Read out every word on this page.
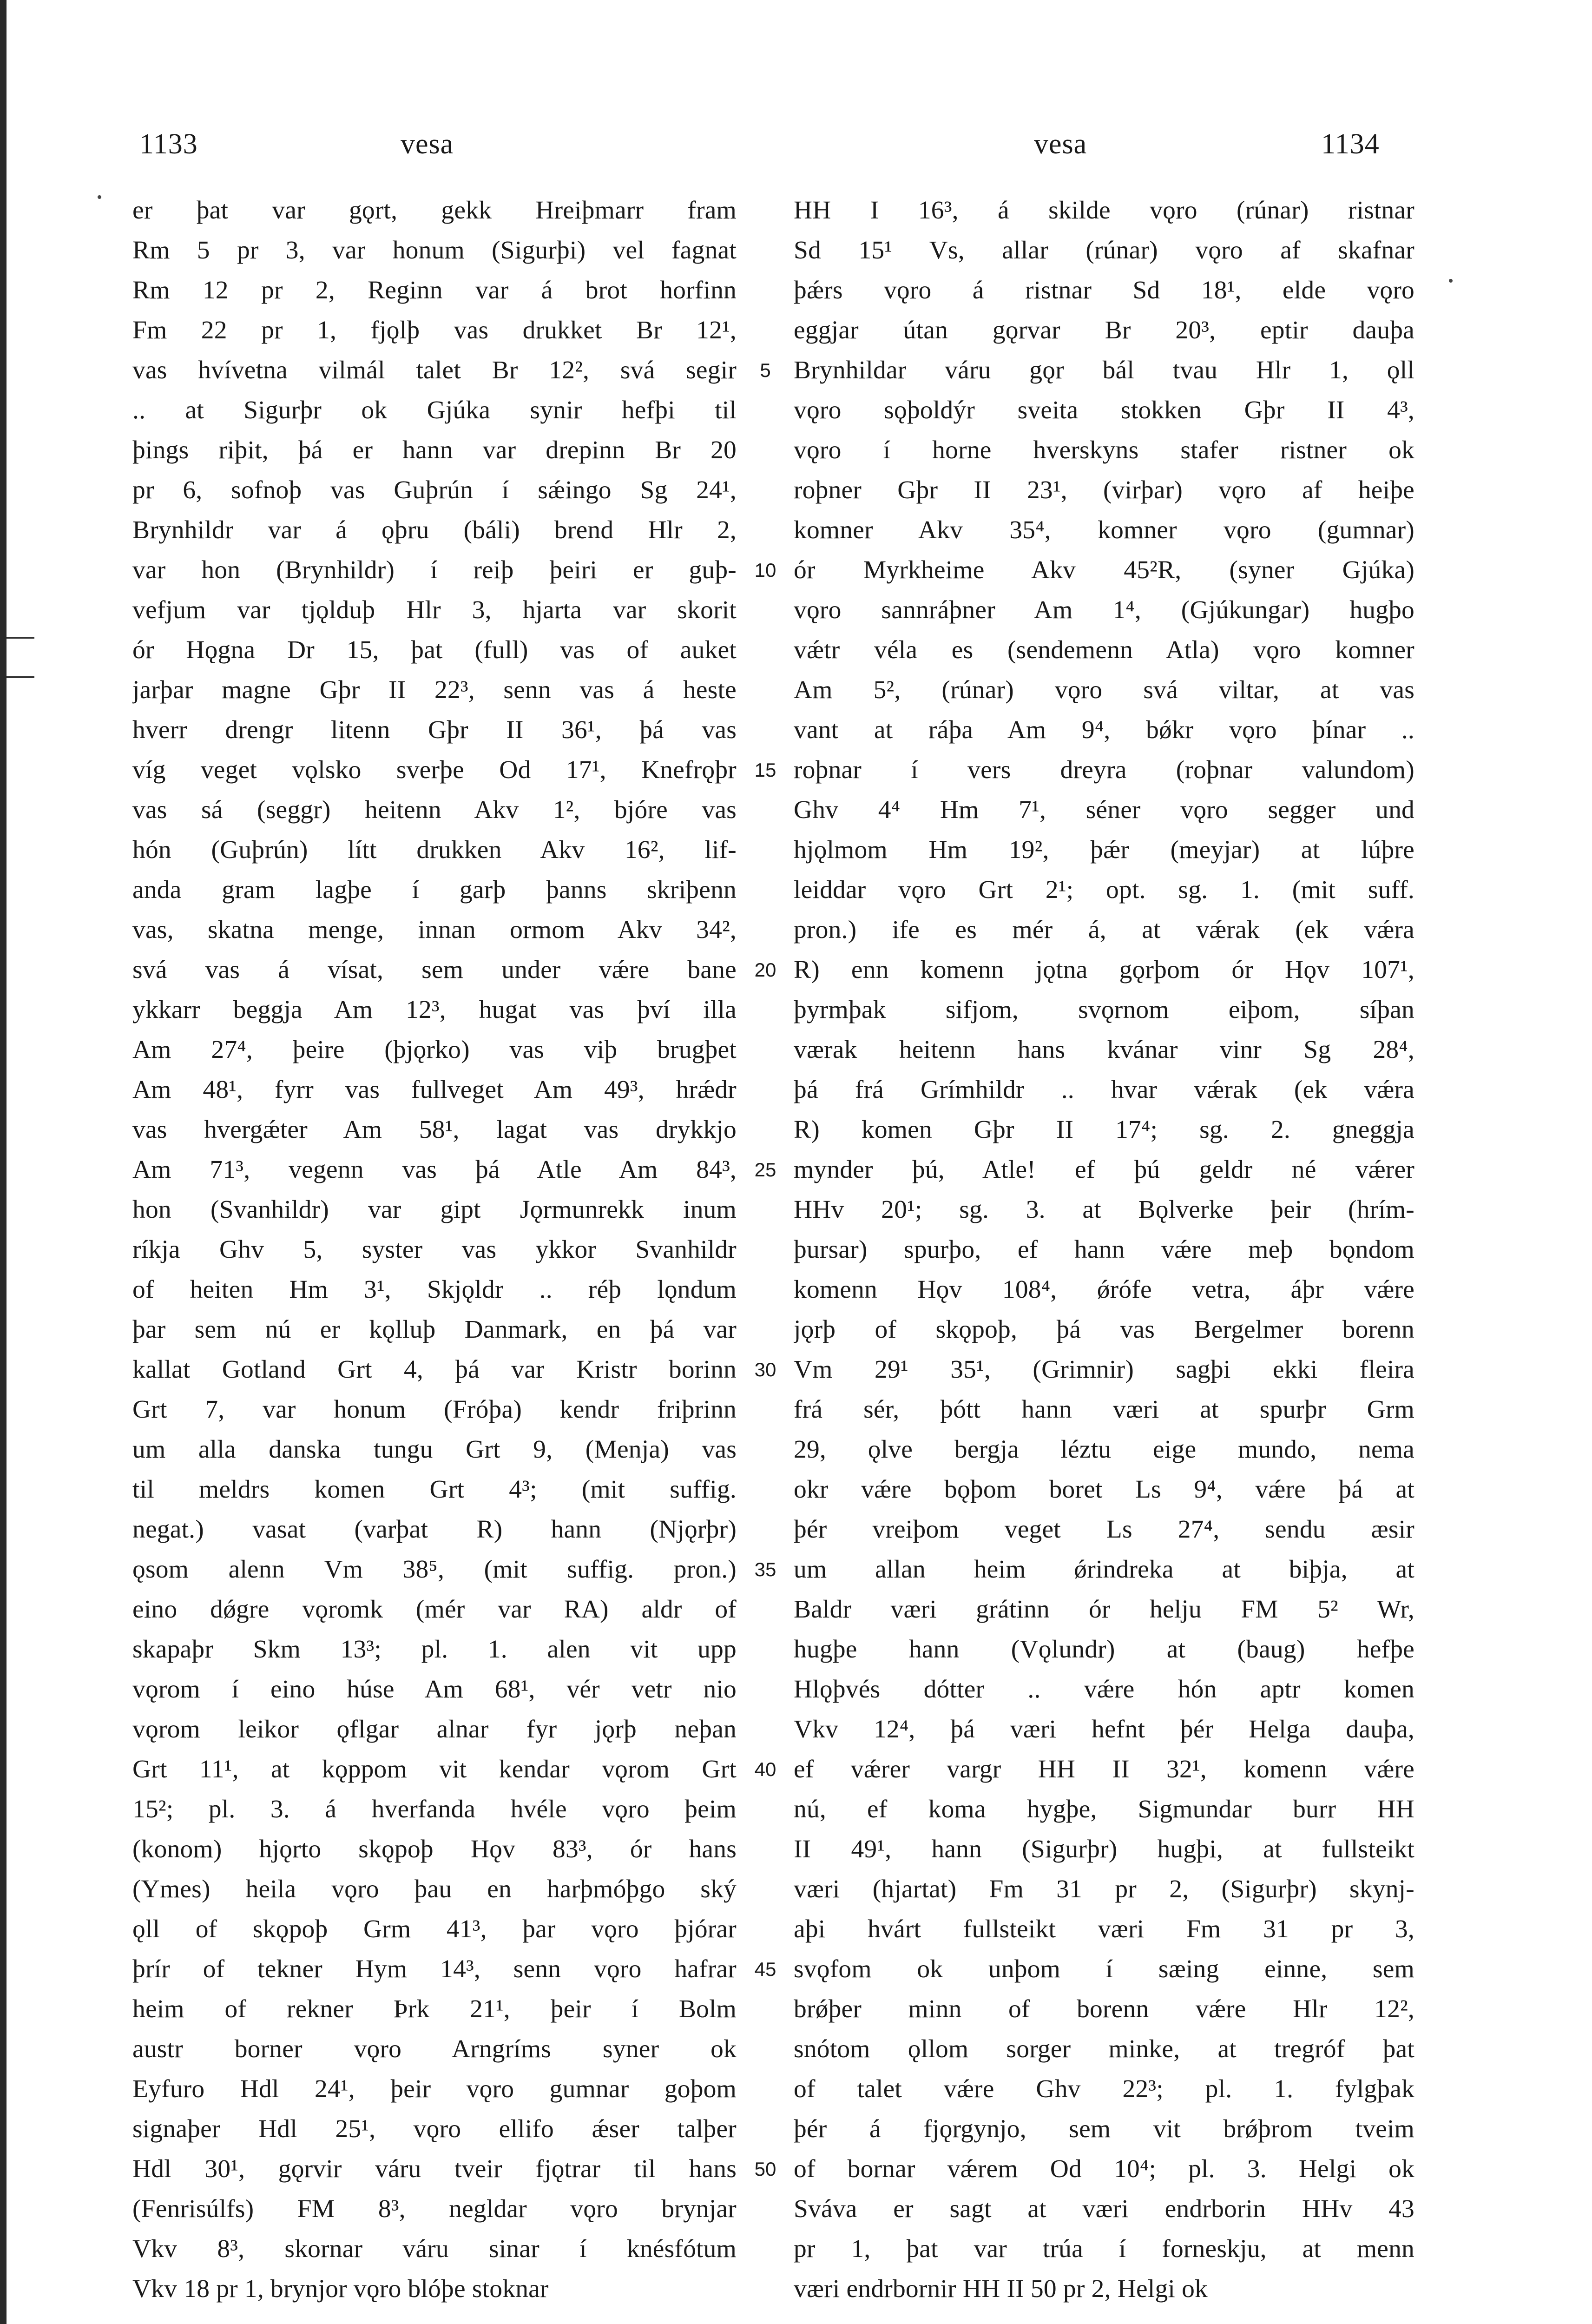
1133	vesa	vesa	1134
er þat var gǫrt, gekk Hreiþmarr fram
Rm 5 pr 3, var honum (Sigurþi) vel fagnat
Rm 12 pr 2, Reginn var á brot horfinn
Fm 22 pr 1, fjǫlþ vas drukket Br 12¹,
vas hvívetna vilmál talet Br 12², svá segir
.. at Sigurþr ok Gjúka synir hefþi til
þings riþit, þá er hann var drepinn Br 20
pr 6, sofnoþ vas Guþrún í sǽingo Sg 24¹,
Brynhildr var á ǫþru (báli) brend Hlr 2,
var hon (Brynhildr) í reiþ þeiri er guþ-
vefjum var tjǫlduþ Hlr 3, hjarta var skorit
ór Hǫgna Dr 15, þat (full) vas of auket
jarþar magne Gþr II 22³, senn vas á heste
hverr drengr litenn Gþr II 36¹, þá vas
víg veget vǫlsko sverþe Od 17¹, Knefrǫþr
vas sá (seggr) heitenn Akv 1², bjóre vas
hón (Guþrún) lítt drukken Akv 16², lif-
anda gram lagþe í garþ þanns skriþenn
vas, skatna menge, innan ormom Akv 34²,
svá vas á vísat, sem under vǽre bane
ykkarr beggja Am 12³, hugat vas því illa
Am 27⁴, þeire (þjǫrko) vas viþ brugþet
Am 48¹, fyrr vas fullveget Am 49³, hrǽdr
vas hvergǽter Am 58¹, lagat vas drykkjo
Am 71³, vegenn vas þá Atle Am 84³,
hon (Svanhildr) var gipt Jǫrmunrekk inum
ríkja Ghv 5, syster vas ykkor Svanhildr
of heiten Hm 3¹, Skjǫldr .. réþ lǫndum
þar sem nú er kǫlluþ Danmark, en þá var
kallat Gotland Grt 4, þá var Kristr borinn
Grt 7, var honum (Fróþa) kendr friþrinn
um alla danska tungu Grt 9, (Menja) vas
til meldrs komen Grt 4³; (mit suffig.
negat.) vasat (varþat R) hann (Njǫrþr)
ǫsom alenn Vm 38⁵, (mit suffig. pron.)
eino dǿgre vǫromk (mér var RA) aldr of
skapaþr Skm 13³; pl. 1. alen vit upp
vǫrom í eino húse Am 68¹, vér vetr nio
vǫrom leikor ǫflgar alnar fyr jǫrþ neþan
Grt 11¹, at kǫppom vit kendar vǫrom Grt
15²; pl. 3. á hverfanda hvéle vǫro þeim
(konom) hjǫrto skǫpoþ Hǫv 83³, ór hans
(Ymes) heila vǫro þau en harþmóþgo ský
ǫll of skǫpoþ Grm 41³, þar vǫro þjórar
þrír of tekner Hym 14³, senn vǫro hafrar
heim of rekner Þrk 21¹, þeir í Bolm
austr borner vǫro Arngríms syner ok
Eyfuro Hdl 24¹, þeir vǫro gumnar goþom
signaþer Hdl 25¹, vǫro ellifo ǽser talþer
Hdl 30¹, gǫrvir váru tveir fjǫtrar til hans
(Fenrisúlfs) FM 8³, negldar vǫro brynjar
Vkv 8³, skornar váru sinar í knésfótum
Vkv 18 pr 1, brynjor vǫro blóþe stoknar
5
10
15
20
25
30
35
40
45
50
HH I 16³, á skilde vǫro (rúnar) ristnar
Sd 15¹ Vs, allar (rúnar) vǫro af skafnar
þǽrs vǫro á ristnar Sd 18¹, elde vǫro
eggjar útan gǫrvar Br 20³, eptir dauþa
Brynhildar váru gǫr bál tvau Hlr 1, ǫll
vǫro sǫþoldýr sveita stokken Gþr II 4³,
vǫro í horne hverskyns stafer ristner ok
roþner Gþr II 23¹, (virþar) vǫro af heiþe
komner Akv 35⁴, komner vǫro (gumnar)
ór Myrkheime Akv 45²R, (syner Gjúka)
vǫro sannráþner Am 1⁴, (Gjúkungar) hugþo
vǽtr véla es (sendemenn Atla) vǫro komner
Am 5², (rúnar) vǫro svá viltar, at vas
vant at ráþa Am 9⁴, bǿkr vǫro þínar ..
roþnar í vers dreyra (roþnar valundom)
Ghv 4⁴ Hm 7¹, séner vǫro segger und
hjǫlmom Hm 19², þǽr (meyjar) at lúþre
leiddar vǫro Grt 2¹; opt. sg. 1. (mit suff.
pron.) ife es mér á, at vǽrak (ek vǽra
R) enn komenn jǫtna gǫrþom ór Hǫv 107¹,
þyrmþak sifjom, svǫrnom eiþom, síþan
værak heitenn hans kvánar vinr Sg 28⁴,
þá frá Grímhildr .. hvar vǽrak (ek vǽra
R) komen Gþr II 17⁴; sg. 2. gneggja
mynder þú, Atle! ef þú geldr né vǽrer
HHv 20¹; sg. 3. at Bǫlverke þeir (hrím-
þursar) spurþo, ef hann vǽre meþ bǫndom
komenn Hǫv 108⁴, ǿrófe vetra, áþr vǽre
jǫrþ of skǫpoþ, þá vas Bergelmer borenn
Vm 29¹ 35¹, (Grimnir) sagþi ekki fleira
frá sér, þótt hann væri at spurþr Grm
29, ǫlve bergja léztu eige mundo, nema
okr vǽre bǫþom boret Ls 9⁴, vǽre þá at
þér vreiþom veget Ls 27⁴, sendu æsir
um allan heim ǿrindreka at biþja, at
Baldr væri grátinn ór helju FM 5² Wr,
hugþe hann (Vǫlundr) at (baug) hefþe
Hlǫþvés dótter .. vǽre hón aptr komen
Vkv 12⁴, þá væri hefnt þér Helga dauþa,
ef vǽrer vargr HH II 32¹, komenn vǽre
nú, ef koma hygþe, Sigmundar burr HH
II 49¹, hann (Sigurþr) hugþi, at fullsteikt
væri (hjartat) Fm 31 pr 2, (Sigurþr) skynj-
aþi hvárt fullsteikt væri Fm 31 pr 3,
svǫfom ok unþom í sæing einne, sem
brǿþer minn of borenn vǽre Hlr 12²,
snótom ǫllom sorger minke, at tregróf þat
of talet vǽre Ghv 22³; pl. 1. fylgþak
þér á fjǫrgynjo, sem vit brǿþrom tveim
of bornar vǽrem Od 10⁴; pl. 3. Helgi ok
Sváva er sagt at væri endrborin HHv 43
pr 1, þat var trúa í forneskju, at menn
væri endrbornir HH II 50 pr 2, Helgi ok
